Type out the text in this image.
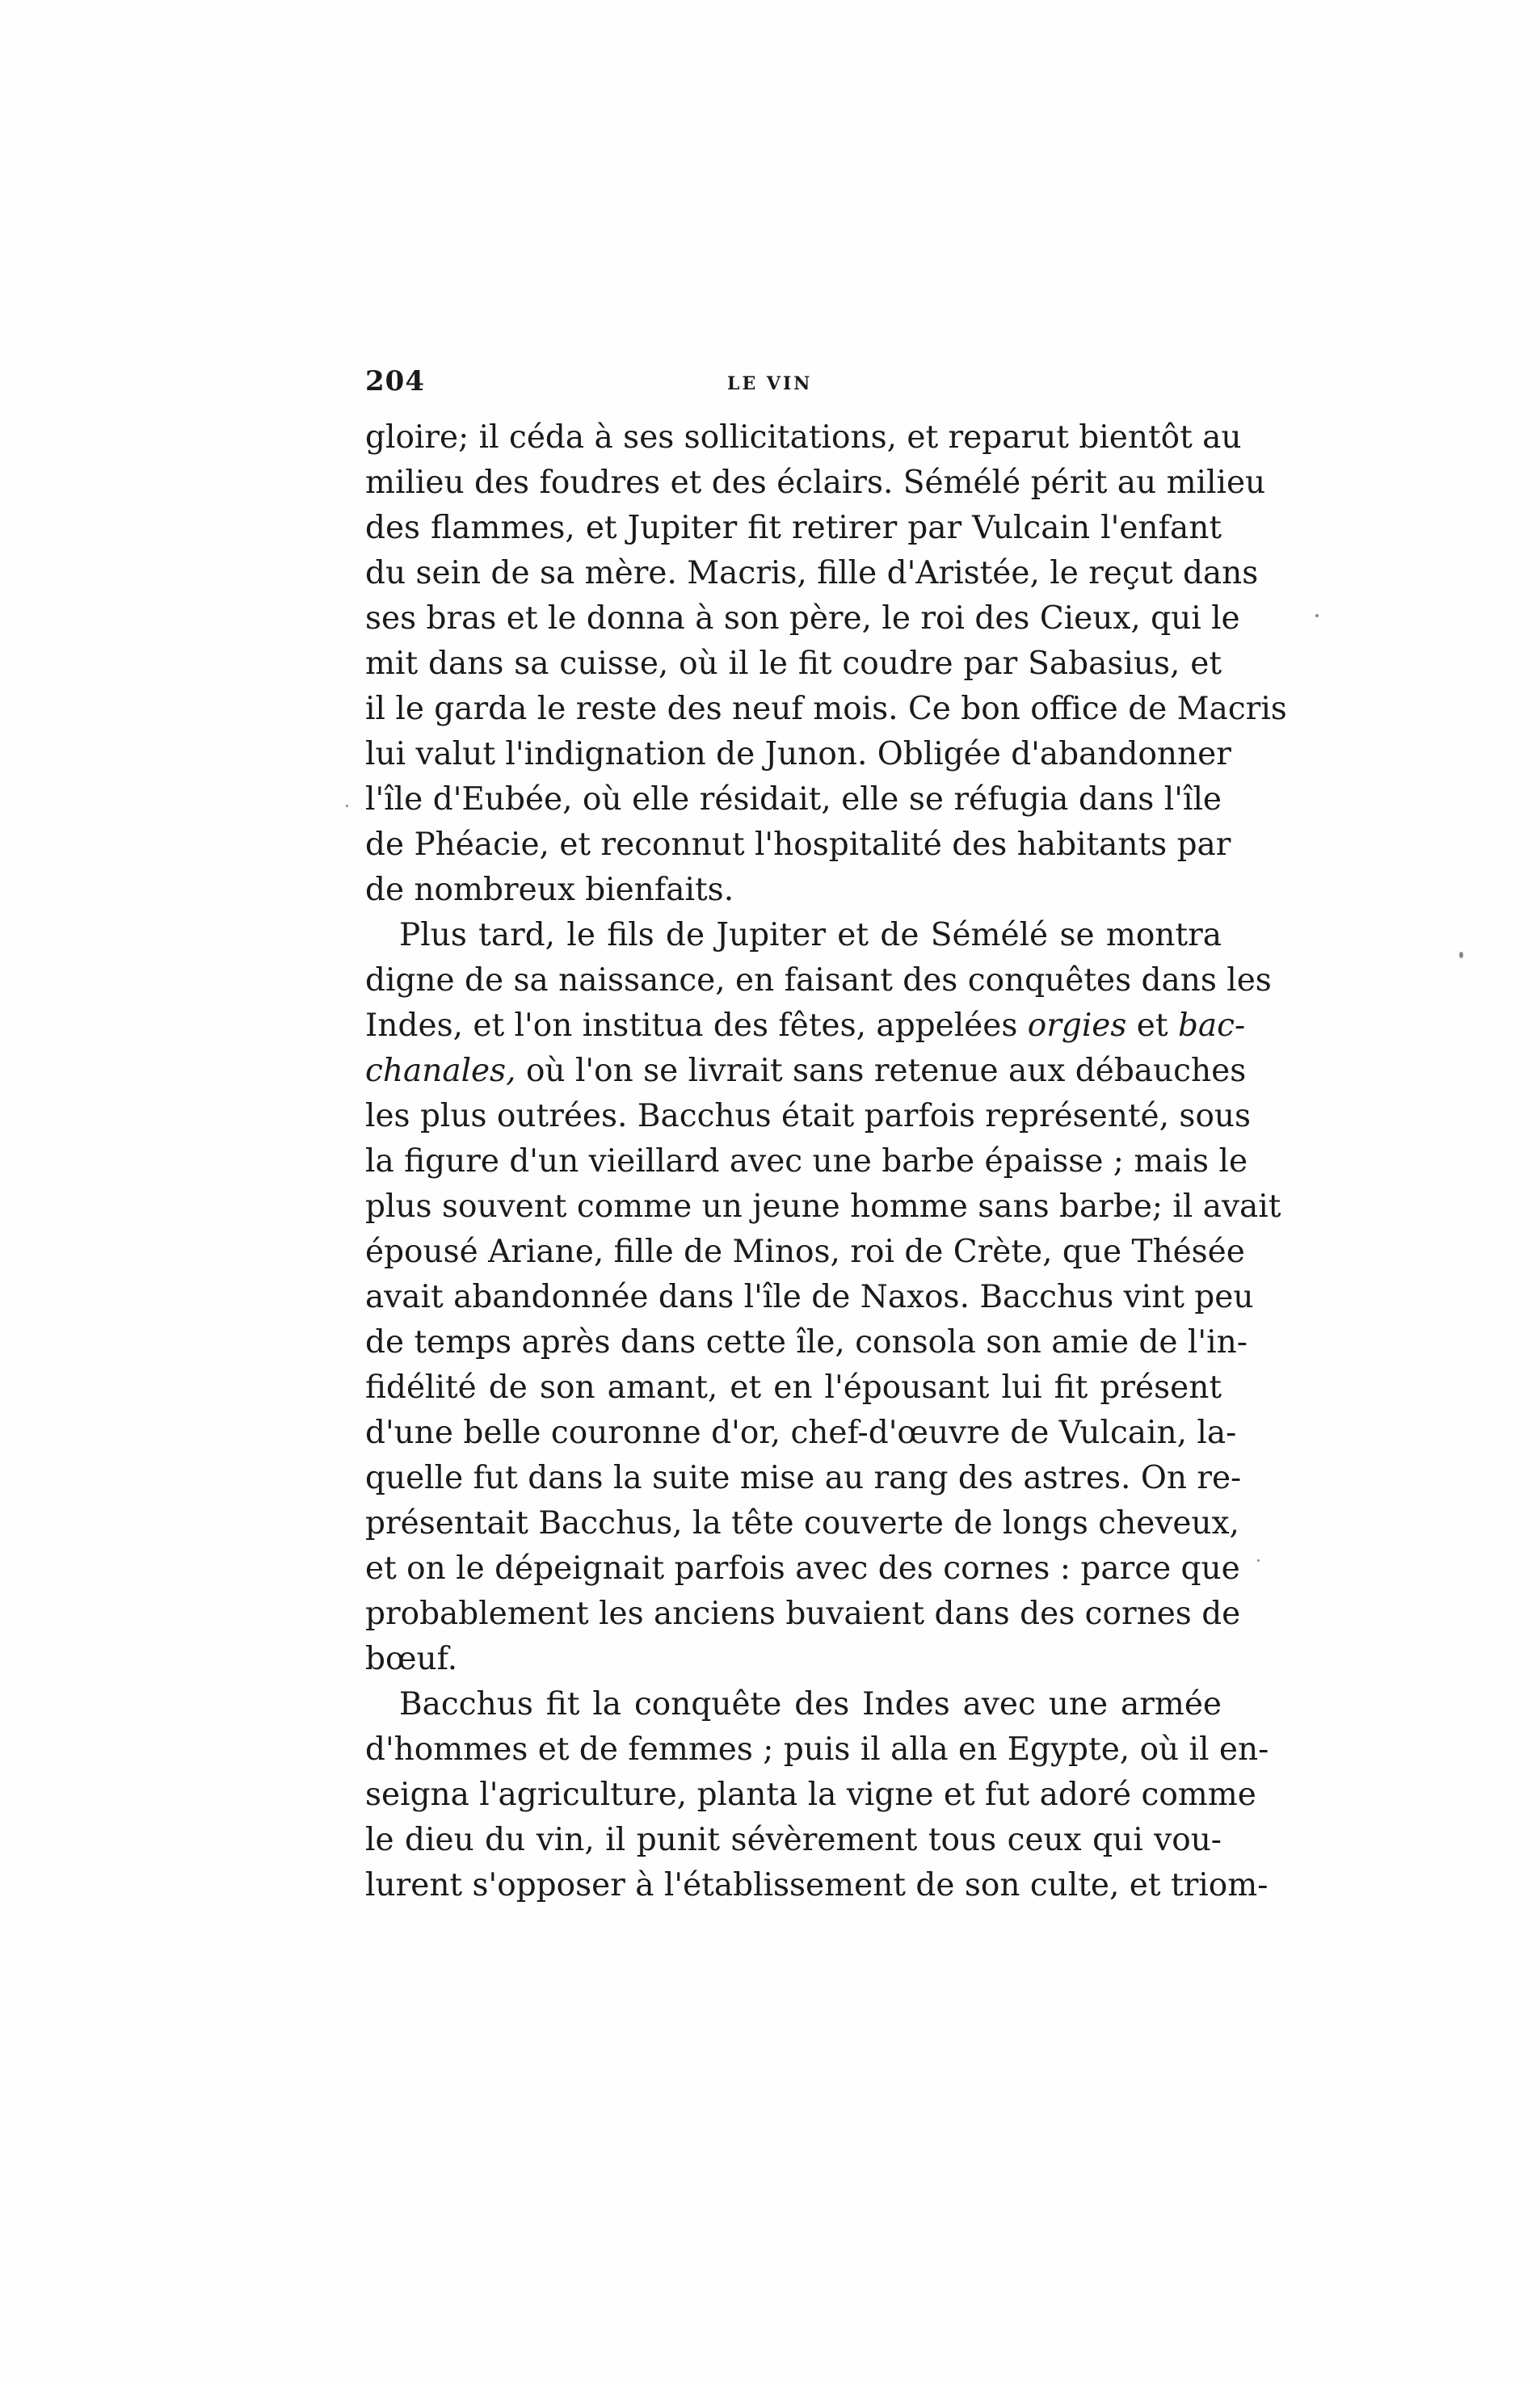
204	LE VIN
gloire; il céda à ses sollicitations, et reparut bientôt au
milieu des foudres et des éclairs. Sémélé périt au milieu
des flammes, et Jupiter fit retirer par Vulcain l'enfant
du sein de sa mère. Macris, fille d'Aristée, le reçut dans
ses bras et le donna à son père, le roi des Cieux, qui le
mit dans sa cuisse, où il le fit coudre par Sabasius, et
il le garda le reste des neuf mois. Ce bon office de Macris
lui valut l'indignation de Junon. Obligée d'abandonner
l'île d'Eubée, où elle résidait, elle se réfugia dans l'île
de Phéacie, et reconnut l'hospitalité des habitants par
de nombreux bienfaits.
Plus tard, le fils de Jupiter et de Sémélé se montra
digne de sa naissance, en faisant des conquêtes dans les
Indes, et l'on institua des fêtes, appelées orgies et bac-
chanales, où l'on se livrait sans retenue aux débauches
les plus outrées. Bacchus était parfois représenté, sous
la figure d'un vieillard avec une barbe épaisse ; mais le
plus souvent comme un jeune homme sans barbe; il avait
épousé Ariane, fille de Minos, roi de Crète, que Thésée
avait abandonnée dans l'île de Naxos. Bacchus vint peu
de temps après dans cette île, consola son amie de l'in-
fidélité de son amant, et en l'épousant lui fit présent
d'une belle couronne d'or, chef-d'œuvre de Vulcain, la-
quelle fut dans la suite mise au rang des astres. On re-
présentait Bacchus, la tête couverte de longs cheveux,
et on le dépeignait parfois avec des cornes : parce que
probablement les anciens buvaient dans des cornes de
bœuf.
Bacchus fit la conquête des Indes avec une armée
d'hommes et de femmes ; puis il alla en Egypte, où il en-
seigna l'agriculture, planta la vigne et fut adoré comme
le dieu du vin, il punit sévèrement tous ceux qui vou-
lurent s'opposer à l'établissement de son culte, et triom-
